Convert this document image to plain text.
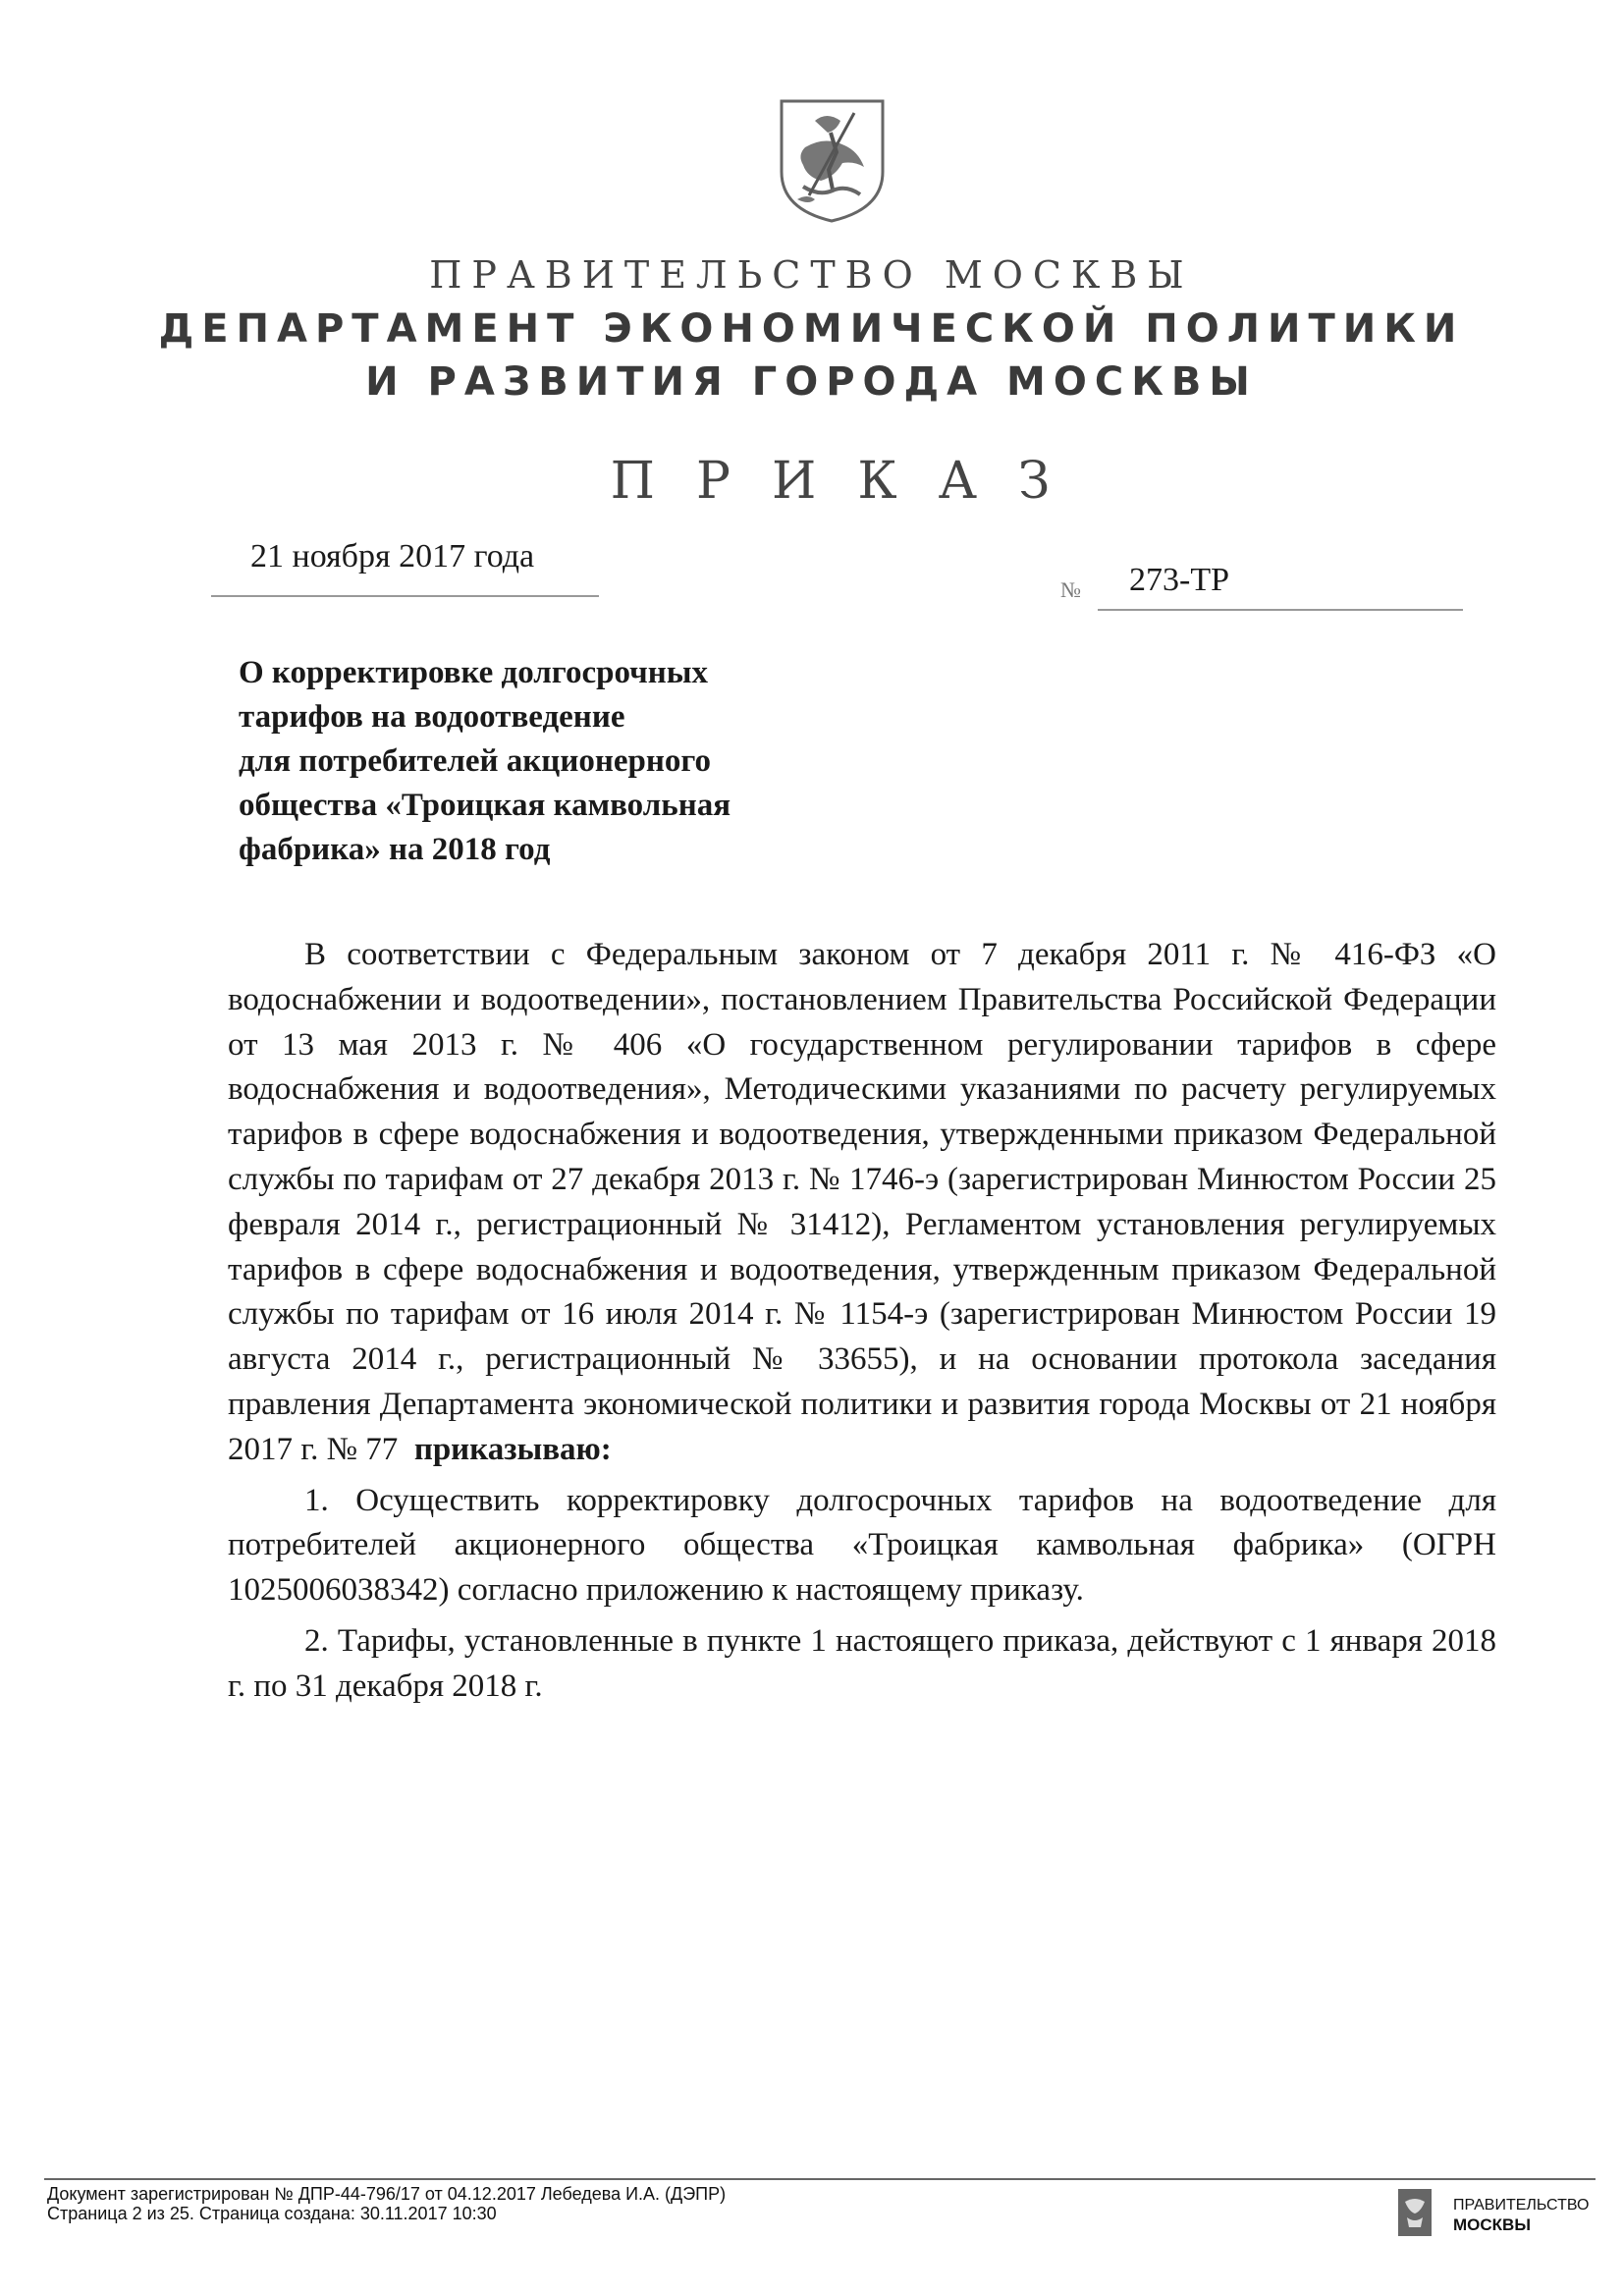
ПРАВИТЕЛЬСТВО МОСКВЫ
ДЕПАРТАМЕНТ ЭКОНОМИЧЕСКОЙ ПОЛИТИКИ
И РАЗВИТИЯ ГОРОДА МОСКВЫ
ПРИКАЗ
21 ноября 2017 года
№ 273-ТР
О корректировке долгосрочных
тарифов на водоотведение
для потребителей акционерного
общества «Троицкая камвольная
фабрика» на 2018 год

В соответствии с Федеральным законом от 7 декабря 2011 г. № 416-ФЗ «О водоснабжении и водоотведении», постановлением Правительства Российской Федерации от 13 мая 2013 г. № 406 «О государственном регулировании тарифов в сфере водоснабжения и водоотведения», Методическими указаниями по расчету регулируемых тарифов в сфере водоснабжения и водоотведения, утвержденными приказом Федеральной службы по тарифам от 27 декабря 2013 г. № 1746-э (зарегистрирован Минюстом России 25 февраля 2014 г., регистрационный № 31412), Регламентом установления регулируемых тарифов в сфере водоснабжения и водоотведения, утвержденным приказом Федеральной службы по тарифам от 16 июля 2014 г. № 1154-э (зарегистрирован Минюстом России 19 августа 2014 г., регистрационный № 33655), и на основании протокола заседания правления Департамента экономической политики и развития города Москвы от 21 ноября 2017 г. № 77 приказываю:

1. Осуществить корректировку долгосрочных тарифов на водоотведение для потребителей акционерного общества «Троицкая камвольная фабрика» (ОГРН 1025006038342) согласно приложению к настоящему приказу.

2. Тарифы, установленные в пункте 1 настоящего приказа, действуют с 1 января 2018 г. по 31 декабря 2018 г.

Документ зарегистрирован № ДПР-44-796/17 от 04.12.2017 Лебедева И.А. (ДЭПР)
Страница 2 из 25. Страница создана: 30.11.2017 10:30	ПРАВИТЕЛЬСТВО
МОСКВЫ
